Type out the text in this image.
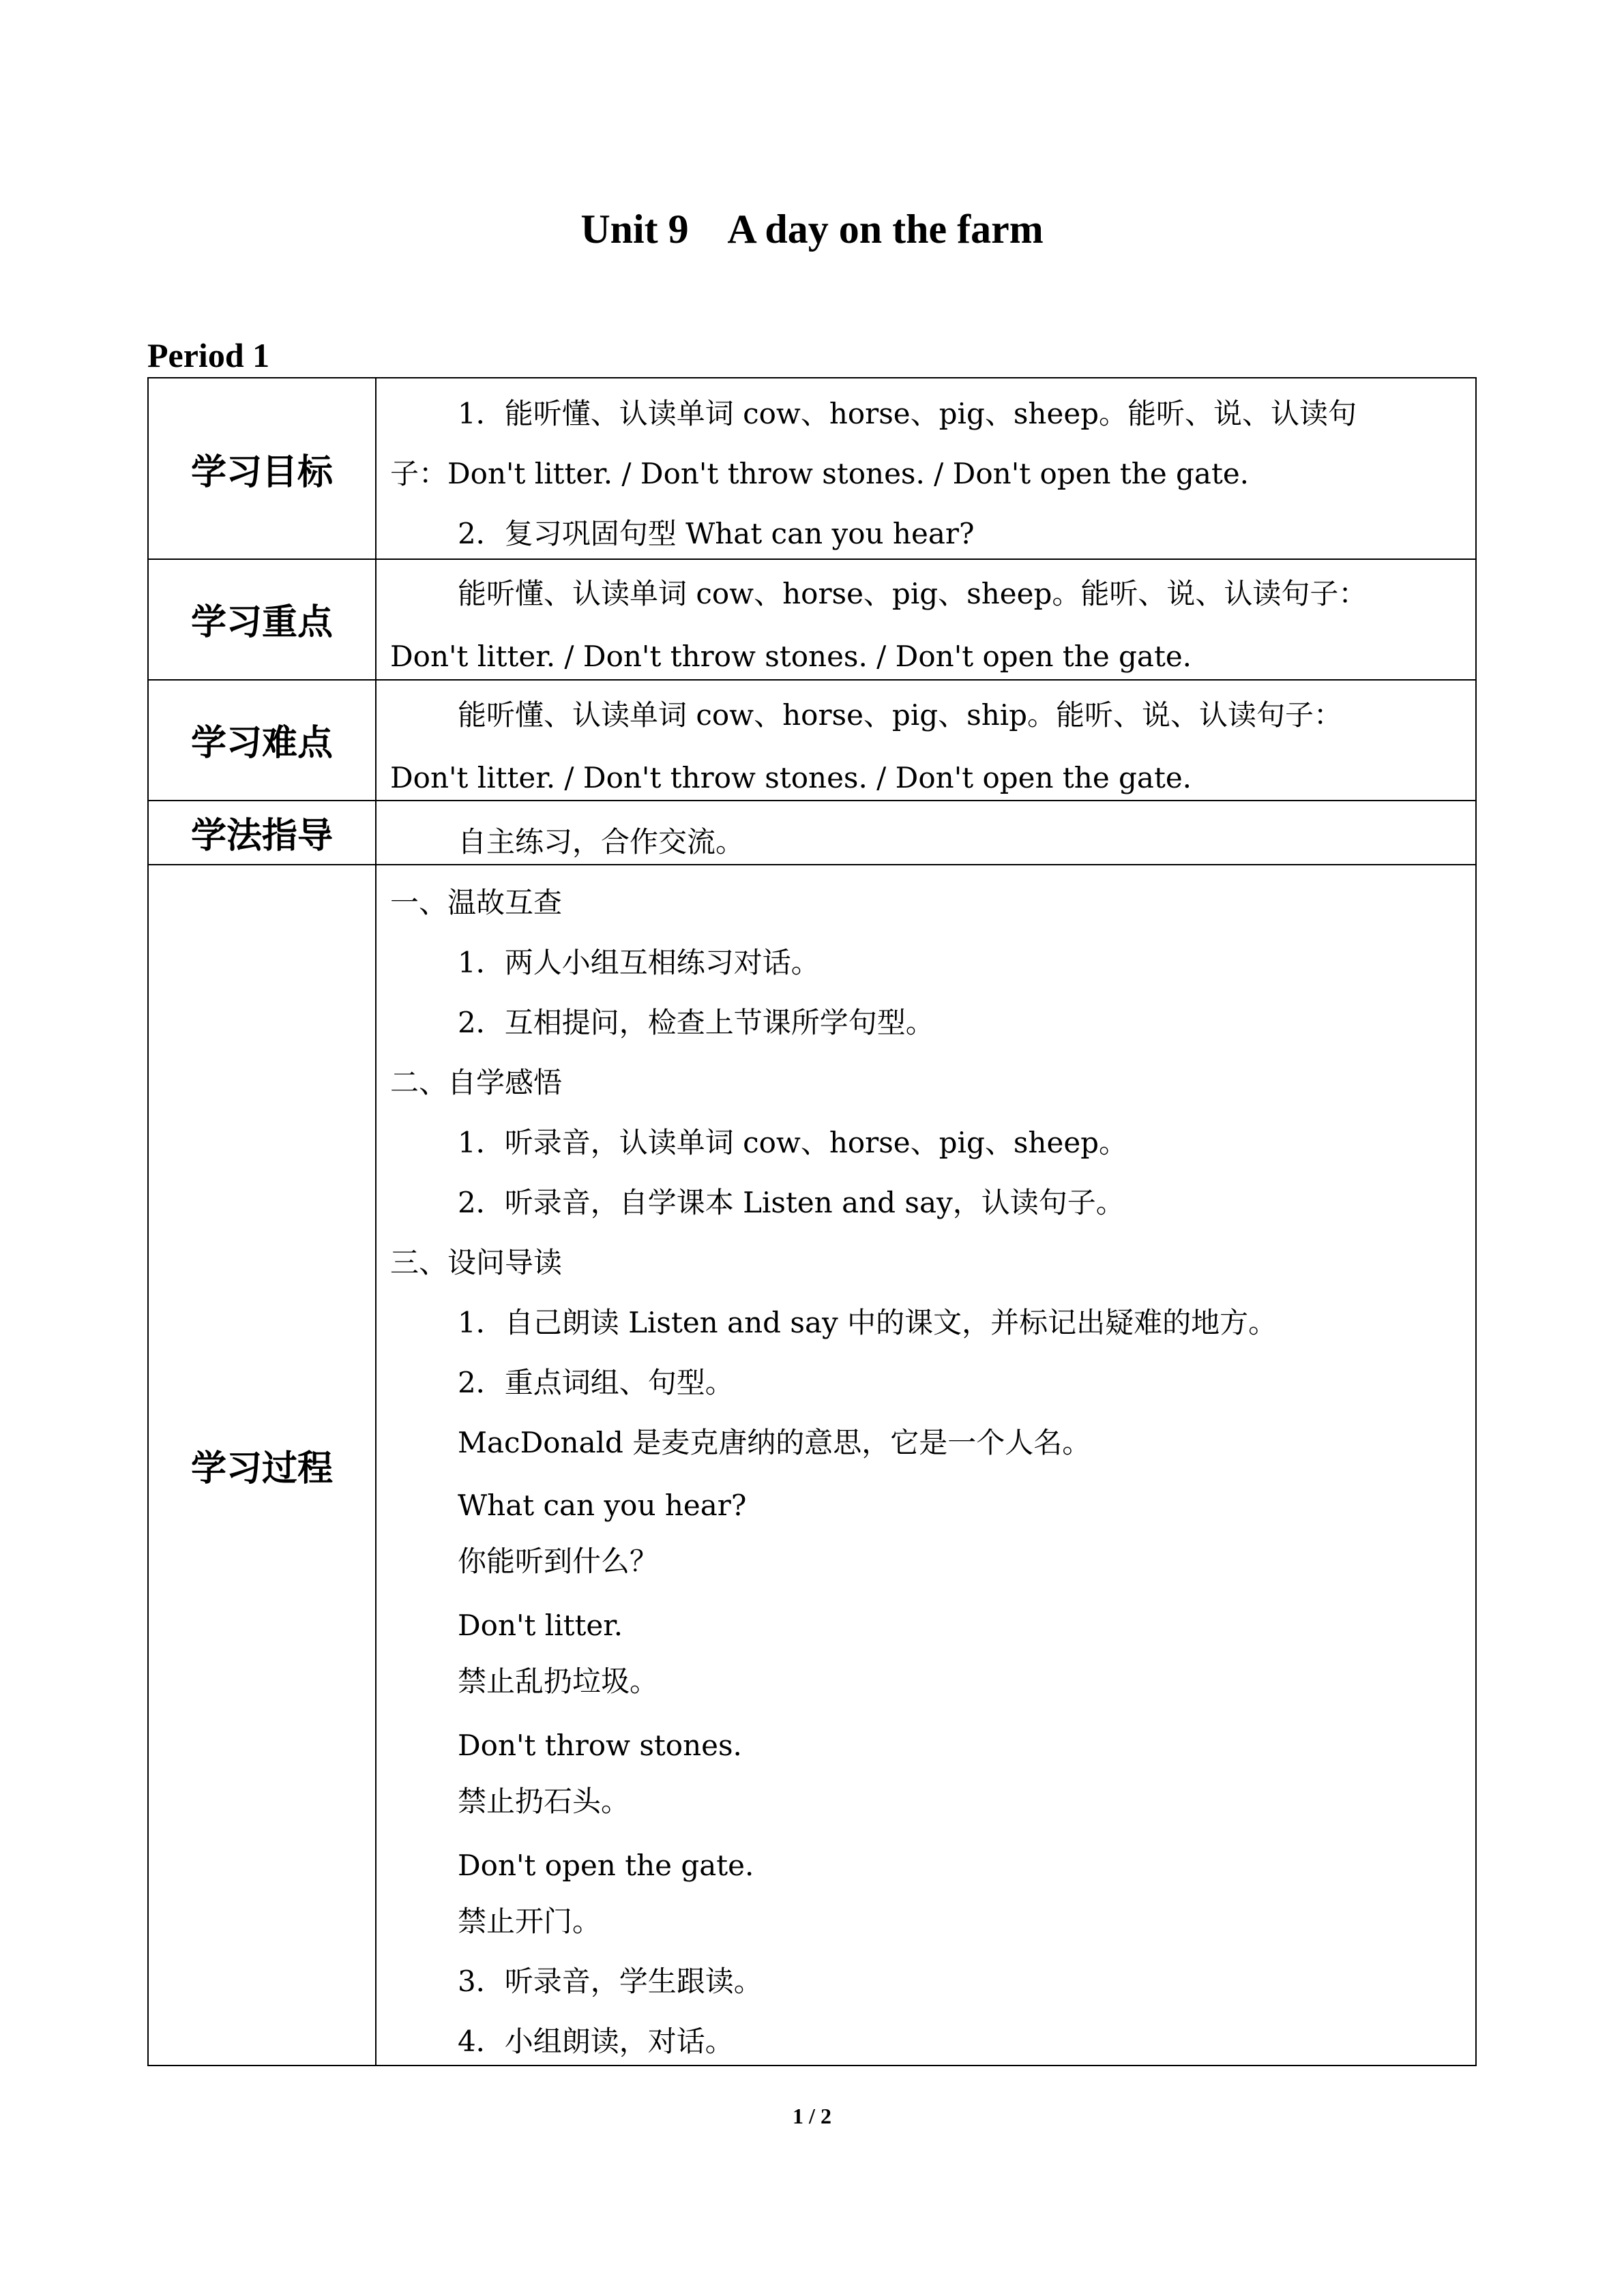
Unit 9    A day on the farm
Period 1
学习目标
1．能听懂、认读单词 cow、horse、pig、sheep。能听、说、认读句
子：Don't litter. / Don't throw stones. / Don't open the gate.
2．复习巩固句型 What can you hear?
学习重点
能听懂、认读单词 cow、horse、pig、sheep。能听、说、认读句子：
Don't litter. / Don't throw stones. / Don't open the gate.
学习难点
能听懂、认读单词 cow、horse、pig、ship。能听、说、认读句子：
Don't litter. / Don't throw stones. / Don't open the gate.
学法指导	自主练习，合作交流。
学习过程
一、温故互查
1．两人小组互相练习对话。
2．互相提问，检查上节课所学句型。
二、自学感悟
1．听录音，认读单词 cow、horse、pig、sheep。
2．听录音，自学课本 Listen and say，认读句子。
三、设问导读
1．自己朗读 Listen and say 中的课文，并标记出疑难的地方。
2．重点词组、句型。
MacDonald 是麦克唐纳的意思，它是一个人名。
What can you hear?
你能听到什么？
Don't litter.
禁止乱扔垃圾。
Don't throw stones.
禁止扔石头。
Don't open the gate.
禁止开门。
3．听录音，学生跟读。
4．小组朗读，对话。
1 / 2
